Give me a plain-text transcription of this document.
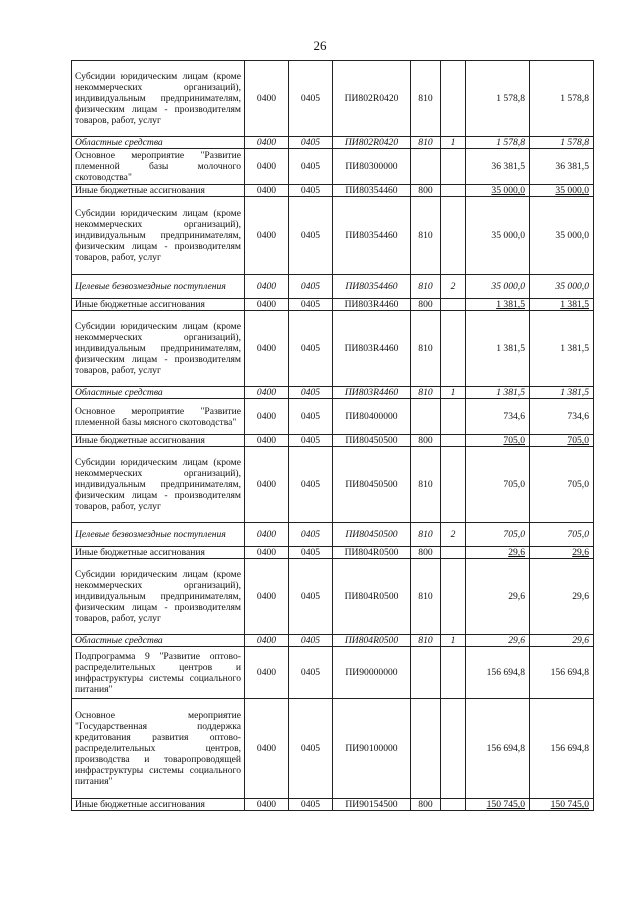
26
Субсидии юридическим лицам (кроме некоммерческих организаций), индивидуальным предпринимателям, физическим лицам - производителям товаров, работ, услуг	0400	0405	ПИ802R0420	810		1 578,8	1 578,8
Областные средства	0400	0405	ПИ802R0420	810	1	1 578,8	1 578,8
Основное мероприятие "Развитие племенной базы молочного скотоводства"	0400	0405	ПИ80300000			36 381,5	36 381,5
Иные бюджетные ассигнования	0400	0405	ПИ80354460	800		35 000,0	35 000,0
Субсидии юридическим лицам (кроме некоммерческих организаций), индивидуальным предпринимателям, физическим лицам - производителям товаров, работ, услуг	0400	0405	ПИ80354460	810		35 000,0	35 000,0
Целевые безвозмездные поступления	0400	0405	ПИ80354460	810	2	35 000,0	35 000,0
Иные бюджетные ассигнования	0400	0405	ПИ803R4460	800		1 381,5	1 381,5
Субсидии юридическим лицам (кроме некоммерческих организаций), индивидуальным предпринимателям, физическим лицам - производителям товаров, работ, услуг	0400	0405	ПИ803R4460	810		1 381,5	1 381,5
Областные средства	0400	0405	ПИ803R4460	810	1	1 381,5	1 381,5
Основное мероприятие "Развитие племенной базы мясного скотоводства"	0400	0405	ПИ80400000			734,6	734,6
Иные бюджетные ассигнования	0400	0405	ПИ80450500	800		705,0	705,0
Субсидии юридическим лицам (кроме некоммерческих организаций), индивидуальным предпринимателям, физическим лицам - производителям товаров, работ, услуг	0400	0405	ПИ80450500	810		705,0	705,0
Целевые безвозмездные поступления	0400	0405	ПИ80450500	810	2	705,0	705,0
Иные бюджетные ассигнования	0400	0405	ПИ804R0500	800		29,6	29,6
Субсидии юридическим лицам (кроме некоммерческих организаций), индивидуальным предпринимателям, физическим лицам - производителям товаров, работ, услуг	0400	0405	ПИ804R0500	810		29,6	29,6
Областные средства	0400	0405	ПИ804R0500	810	1	29,6	29,6
Подпрограмма 9 "Развитие оптово-распределительных центров и инфраструктуры системы социального питания"	0400	0405	ПИ90000000			156 694,8	156 694,8
Основное мероприятие "Государственная поддержка кредитования развития оптово-распределительных центров, производства и товаропроводящей инфраструктуры системы социального питания"	0400	0405	ПИ90100000			156 694,8	156 694,8
Иные бюджетные ассигнования	0400	0405	ПИ90154500	800		150 745,0	150 745,0
